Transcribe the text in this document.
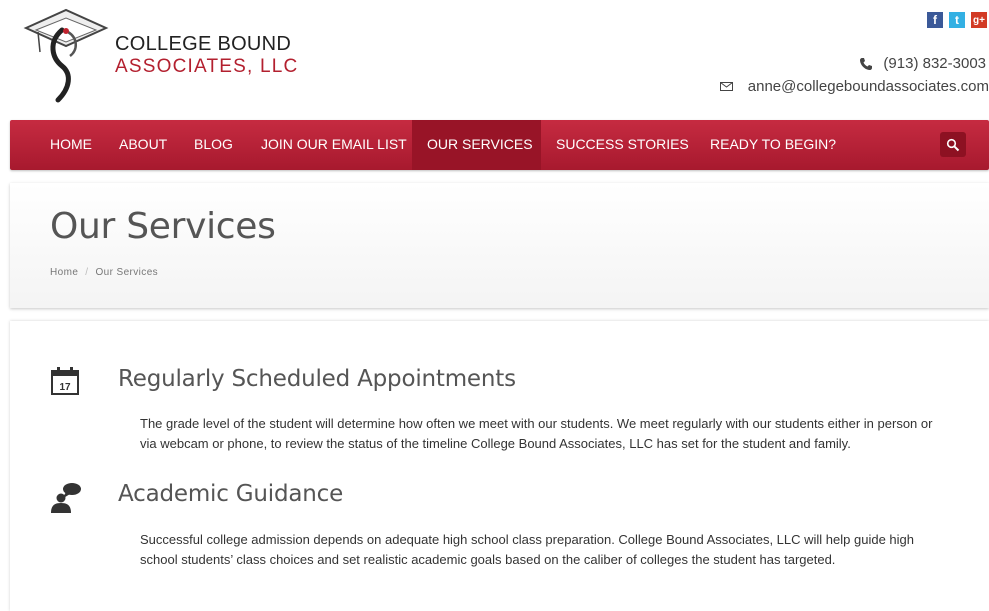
COLLEGE BOUND
ASSOCIATES, LLC
f	t	g+
(913) 832-3003
anne@collegeboundassociates.com
HOME	ABOUT	BLOG	JOIN OUR EMAIL LIST	OUR SERVICES	SUCCESS STORIES	READY TO BEGIN?
Our Services
Home / Our Services
17 Regularly Scheduled Appointments

The grade level of the student will determine how often we meet with our students. We meet regularly with our students either in person or via webcam or phone, to review the status of the timeline College Bound Associates, LLC has set for the student and family.

Academic Guidance

Successful college admission depends on adequate high school class preparation. College Bound Associates, LLC will help guide high school students’ class choices and set realistic academic goals based on the caliber of colleges the student has targeted.
